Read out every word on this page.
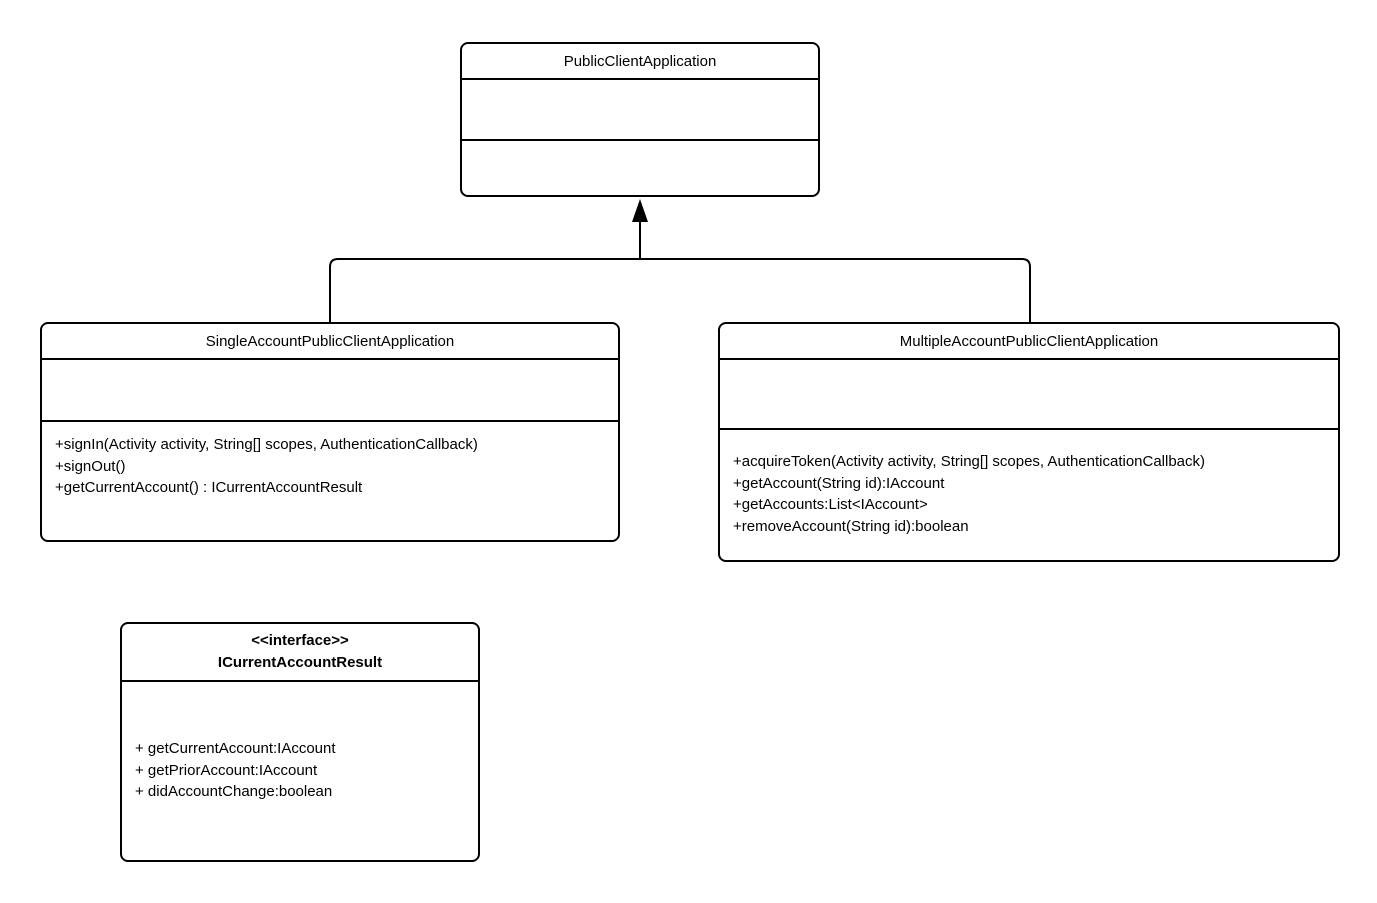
PublicClientApplication
SingleAccountPublicClientApplication
+signIn(Activity activity, String[] scopes, AuthenticationCallback)
+signOut()
+getCurrentAccount() : ICurrentAccountResult
MultipleAccountPublicClientApplication
+acquireToken(Activity activity, String[] scopes, AuthenticationCallback)
+getAccount(String id):IAccount
+getAccounts:List<IAccount>
+removeAccount(String id):boolean
<<interface>>
ICurrentAccountResult
+ getCurrentAccount:IAccount
+ getPriorAccount:IAccount
+ didAccountChange:boolean
